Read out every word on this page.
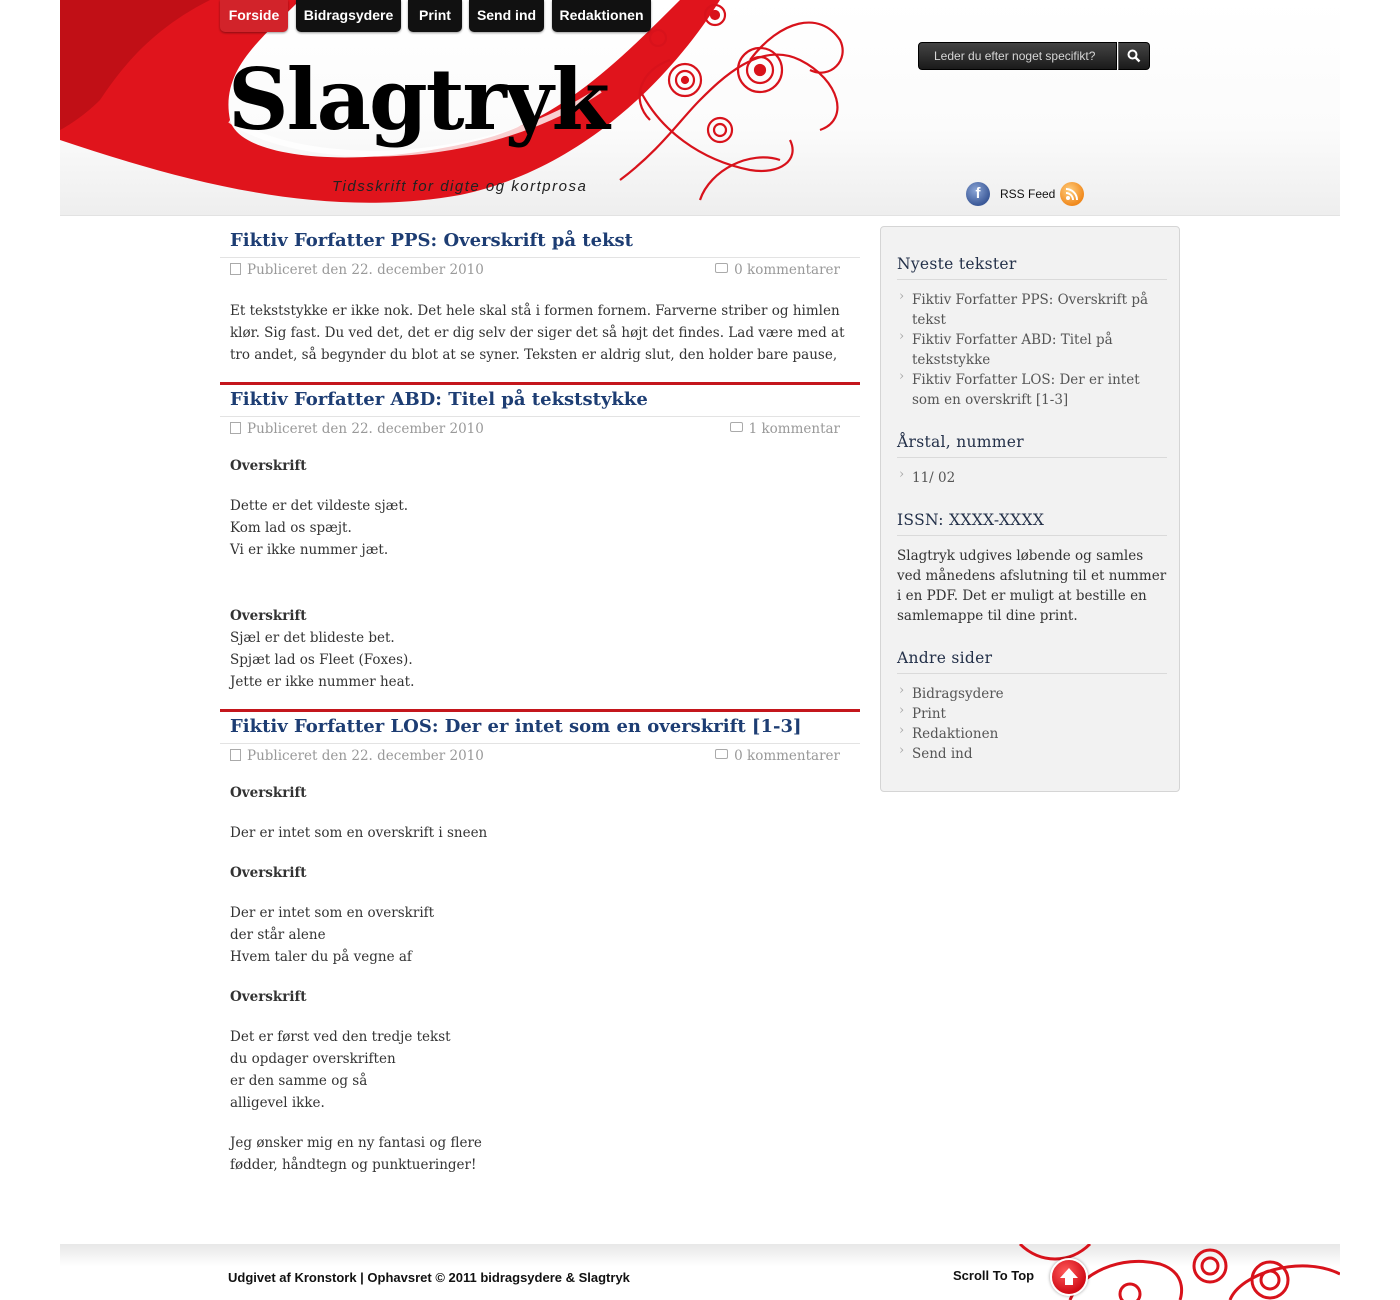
Forside	Bidragsydere	Print	Send ind	Redaktionen
Slagtryk
Tidsskrift for digte og kortprosa
Leder du efter noget specifikt?	f	RSS Feed
Fiktiv Forfatter PPS: Overskrift på tekst
Publiceret den 22. december 2010	0 kommentarer

Et tekststykke er ikke nok. Det hele skal stå i formen fornem. Farverne striber og himlen

klør. Sig fast. Du ved det, det er dig selv der siger det så højt det findes. Lad være med at

tro andet, så begynder du blot at se syner. Teksten er aldrig slut, den holder bare pause,

Fiktiv Forfatter ABD: Titel på tekststykke
Publiceret den 22. december 2010	1 kommentar

Overskrift

Dette er det vildeste sjæt.

Kom lad os spæjt.

Vi er ikke nummer jæt.

Overskrift

Sjæl er det blideste bet.

Spjæt lad os Fleet (Foxes).

Jette er ikke nummer heat.

Fiktiv Forfatter LOS: Der er intet som en overskrift [1-3]
Publiceret den 22. december 2010	0 kommentarer

Overskrift

Der er intet som en overskrift i sneen

Overskrift

Der er intet som en overskrift

der står alene

Hvem taler du på vegne af

Overskrift

Det er først ved den tredje tekst

du opdager overskriften

er den samme og så

alligevel ikke.

Jeg ønsker mig en ny fantasi og flere

fødder, håndtegn og punktueringer!

Nyeste tekster
› Fiktiv Forfatter PPS: Overskrift på tekst
› Fiktiv Forfatter ABD: Titel på tekststykke
› Fiktiv Forfatter LOS: Der er intet som en overskrift [1-3]
Årstal, nummer
› 11/ 02
ISSN: XXXX-XXXX
Slagtryk udgives løbende og samles ved månedens afslutning til et nummer i en PDF. Det er muligt at bestille en samlemappe til dine print.
Andre sider
› Bidragsydere
› Print
› Redaktionen
› Send ind
Udgivet af Kronstork | Ophavsret © 2011 bidragsydere & Slagtryk	Scroll To Top
